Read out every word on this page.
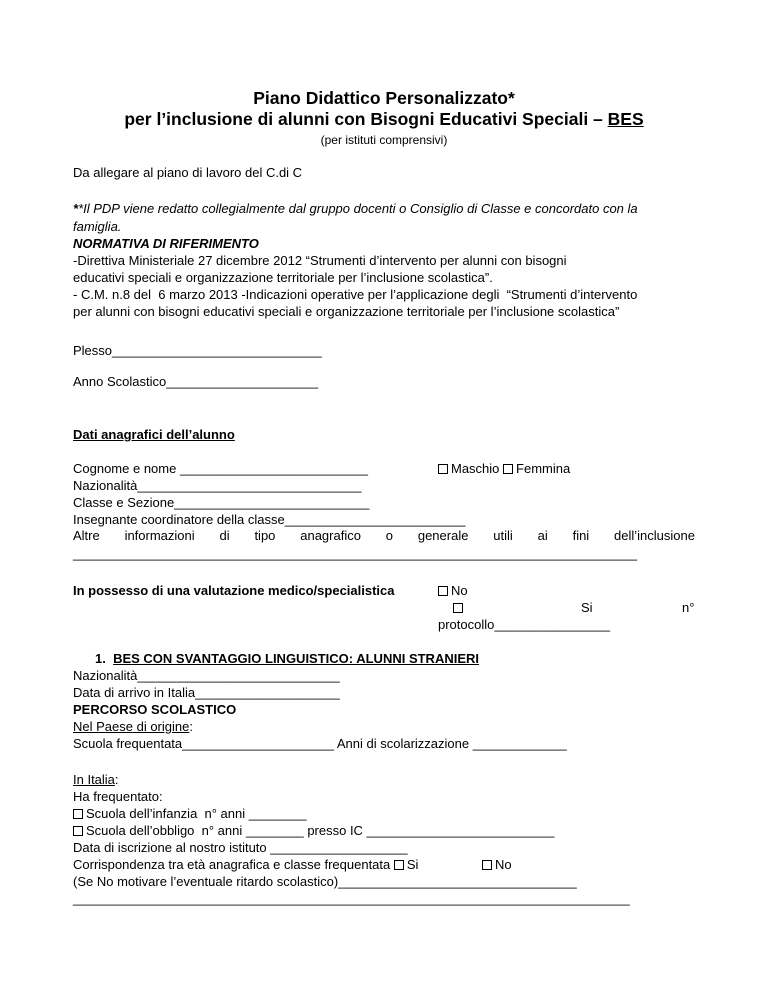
Piano Didattico Personalizzato*
per l’inclusione di alunni con Bisogni Educativi Speciali – BES
(per istituti comprensivi)
Da allegare al piano di lavoro del C.di C
**Il PDP viene redatto collegialmente dal gruppo docenti o Consiglio di Classe e concordato con la
famiglia.
NORMATIVA DI RIFERIMENTO
-Direttiva Ministeriale 27 dicembre 2012 “Strumenti d’intervento per alunni con bisogni
educativi speciali e organizzazione territoriale per l’inclusione scolastica”.
- C.M. n.8 del  6 marzo 2013 -Indicazioni operative per l’applicazione degli  “Strumenti d’intervento
per alunni con bisogni educativi speciali e organizzazione territoriale per l’inclusione scolastica”
Plesso_____________________________
Anno Scolastico_____________________
Dati anagrafici dell’alunno
Cognome e nome __________________________	Maschio Femmina
Nazionalità_______________________________
Classe e Sezione___________________________
Insegnante coordinatore della classe_________________________
Altre informazioni di tipo anagrafico o generale utili ai fini dell’inclusione
______________________________________________________________________________
In possesso di una valutazione medico/specialistica	No
Si	n°
protocollo________________
1. BES CON SVANTAGGIO LINGUISTICO: ALUNNI STRANIERI
Nazionalità____________________________
Data di arrivo in Italia____________________
PERCORSO SCOLASTICO
Nel Paese di origine:
Scuola frequentata_____________________ Anni di scolarizzazione _____________
In Italia:
Ha frequentato:
Scuola dell’infanzia  n° anni ________
Scuola dell’obbligo  n° anni ________ presso IC __________________________
Data di iscrizione al nostro istituto ___________________
Corrispondenza tra età anagrafica e classe frequentata Si	No
(Se No motivare l’eventuale ritardo scolastico)_________________________________
_____________________________________________________________________________
